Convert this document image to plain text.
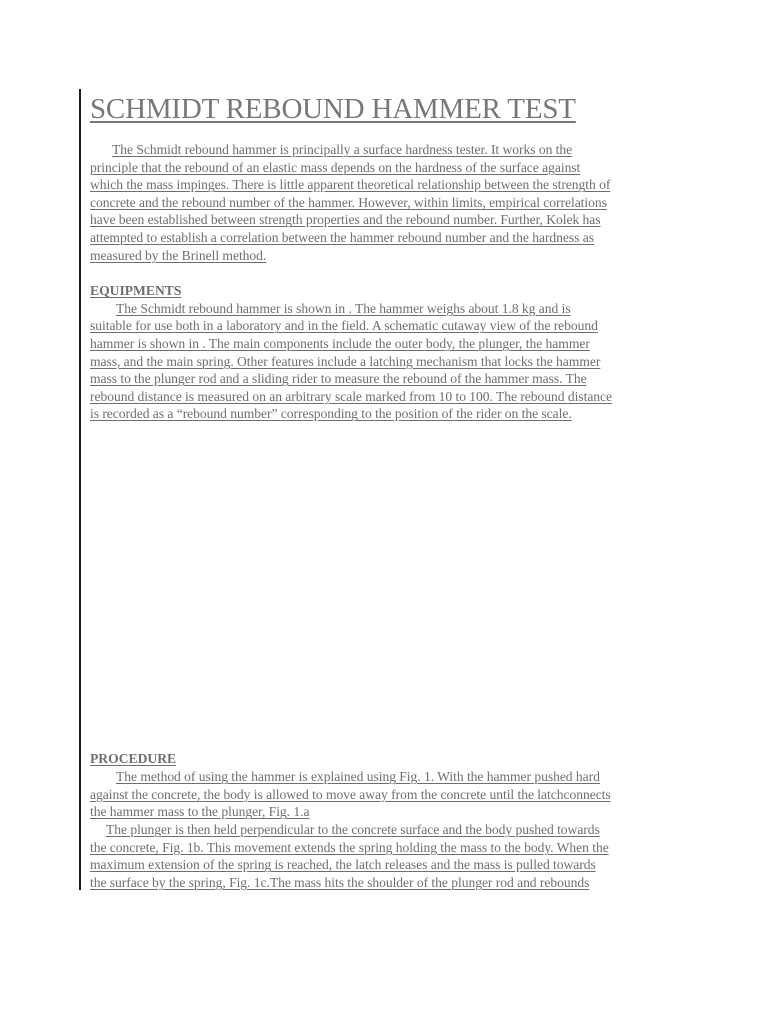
SCHMIDT REBOUND HAMMER TEST

The Schmidt rebound hammer is principally a surface hardness tester. It works on the
principle that the rebound of an elastic mass depends on the hardness of the surface against
which the mass impinges. There is little apparent theoretical relationship between the strength of
concrete and the rebound number of the hammer. However, within limits, empirical correlations
have been established between strength properties and the rebound number. Further, Kolek has
attempted to establish a correlation between the hammer rebound number and the hardness as
measured by the Brinell method.

EQUIPMENTS

The Schmidt rebound hammer is shown in . The hammer weighs about 1.8 kg and is
suitable for use both in a laboratory and in the field. A schematic cutaway view of the rebound
hammer is shown in . The main components include the outer body, the plunger, the hammer
mass, and the main spring. Other features include a latching mechanism that locks the hammer
mass to the plunger rod and a sliding rider to measure the rebound of the hammer mass. The
rebound distance is measured on an arbitrary scale marked from 10 to 100. The rebound distance
is recorded as a “rebound number” corresponding to the position of the rider on the scale.

PROCEDURE

The method of using the hammer is explained using Fig. 1. With the hammer pushed hard
against the concrete, the body is allowed to move away from the concrete until the latchconnects
the hammer mass to the plunger, Fig. 1.a

The plunger is then held perpendicular to the concrete surface and the body pushed towards
the concrete, Fig. 1b. This movement extends the spring holding the mass to the body. When the
maximum extension of the spring is reached, the latch releases and the mass is pulled towards
the surface by the spring, Fig. 1c.The mass hits the shoulder of the plunger rod and rebounds
